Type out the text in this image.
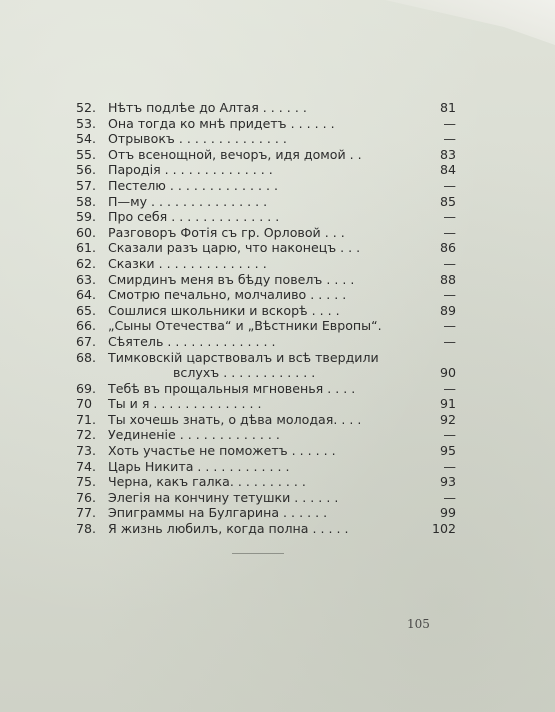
52. Нѣтъ подлѣе до Алтая . . . . . .	81
53. Она тогда ко мнѣ придетъ . . . . . .	—
54. Отрывокъ . . . . . . . . . . . . . .	—
55. Отъ всенощной, вечоръ, идя домой . .	83
56. Пародія . . . . . . . . . . . . . .	84
57. Пестелю . . . . . . . . . . . . . .	—
58. П—му . . . . . . . . . . . . . . .	85
59. Про себя . . . . . . . . . . . . . .	—
60. Разговоръ Фотія съ гр. Орловой . . .	—
61. Сказали разъ царю, что наконецъ . . .	86
62. Сказки . . . . . . . . . . . . . .	—
63. Смирдинъ меня въ бѣду повелъ . . . .	88
64. Смотрю печально, молчаливо . . . . .	—
65. Сошлися школьники и вскорѣ . . . .	89
66. „Сыны Отечества“ и „Вѣстники Европы“.	—
67. Сѣятель . . . . . . . . . . . . . .	—
68. Тимковскій царствовалъ и всѣ твердили
вслухъ . . . . . . . . . . . .	90
69. Тебѣ въ прощальныя мгновенья . . . .	—
70	Ты и я . . . . . . . . . . . . . .	91
71. Ты хочешь знать, о дѣва молодая. . . .	92
72. Уединеніе . . . . . . . . . . . . .	—
73. Хоть участье не поможетъ . . . . . .	95
74. Царь Никита . . . . . . . . . . . .	—
75. Черна, какъ галка. . . . . . . . . .	93
76. Элегія на кончину тетушки . . . . . .	—
77. Эпиграммы на Булгарина . . . . . .	99
78. Я жизнь любилъ, когда полна . . . . .	102
105
